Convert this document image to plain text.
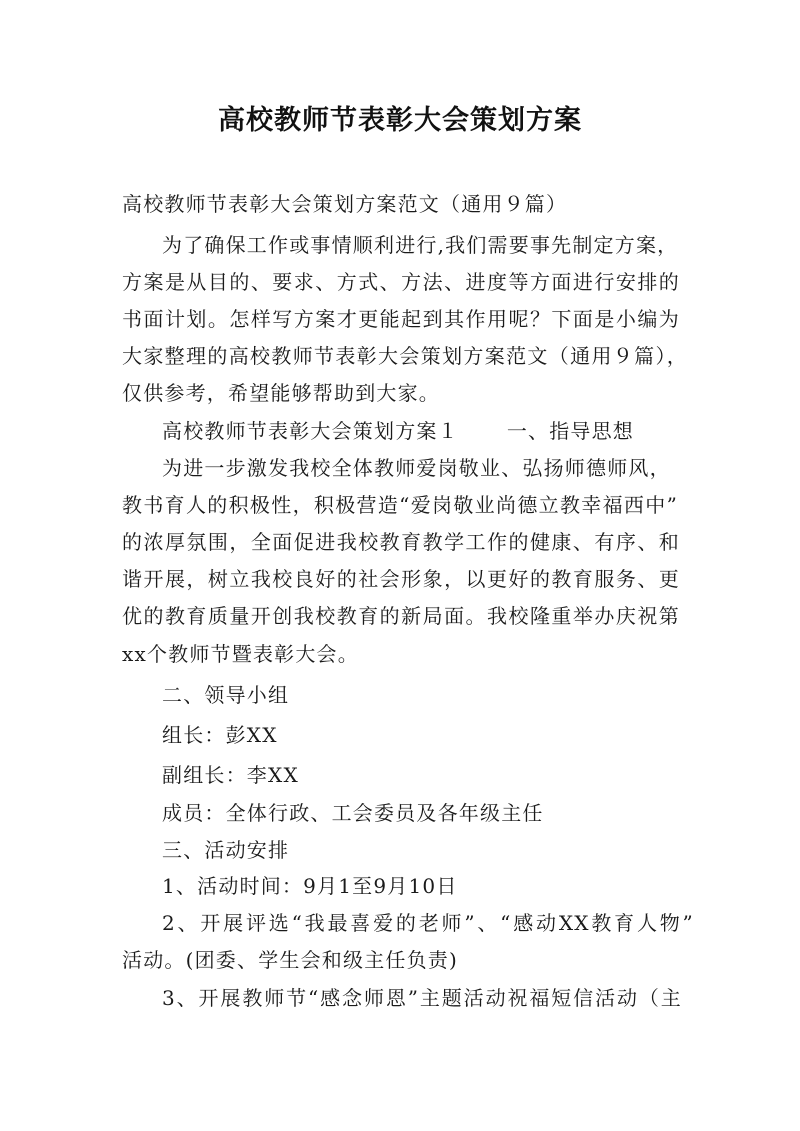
高校教师节表彰大会策划方案

高校教师节表彰大会策划方案范文（通用９篇）

为了确保工作或事情顺利进行,我们需要事先制定方案，

方案是从目的、要求、方式、方法、进度等方面进行安排的

书面计划。怎样写方案才更能起到其作用呢？下面是小编为

大家整理的高校教师节表彰大会策划方案范文（通用９篇），

仅供参考，希望能够帮助到大家。

高校教师节表彰大会策划方案１ 一、指导思想

为进一步激发我校全体教师爱岗敬业、弘扬师德师风，

教书育人的积极性，积极营造“爱岗敬业尚德立教幸福西中”

的浓厚氛围，全面促进我校教育教学工作的健康、有序、和

谐开展，树立我校良好的社会形象，以更好的教育服务、更

优的教育质量开创我校教育的新局面。我校隆重举办庆祝第

xx个教师节暨表彰大会。

二、领导小组

组长：彭XX

副组长：李XX

成员：全体行政、工会委员及各年级主任

三、活动安排

1、活动时间：9月1至9月10日

2、开展评选“我最喜爱的老师”、“感动XX教育人物”

活动。(团委、学生会和级主任负责)

3、开展教师节“感念师恩”主题活动祝福短信活动（主
